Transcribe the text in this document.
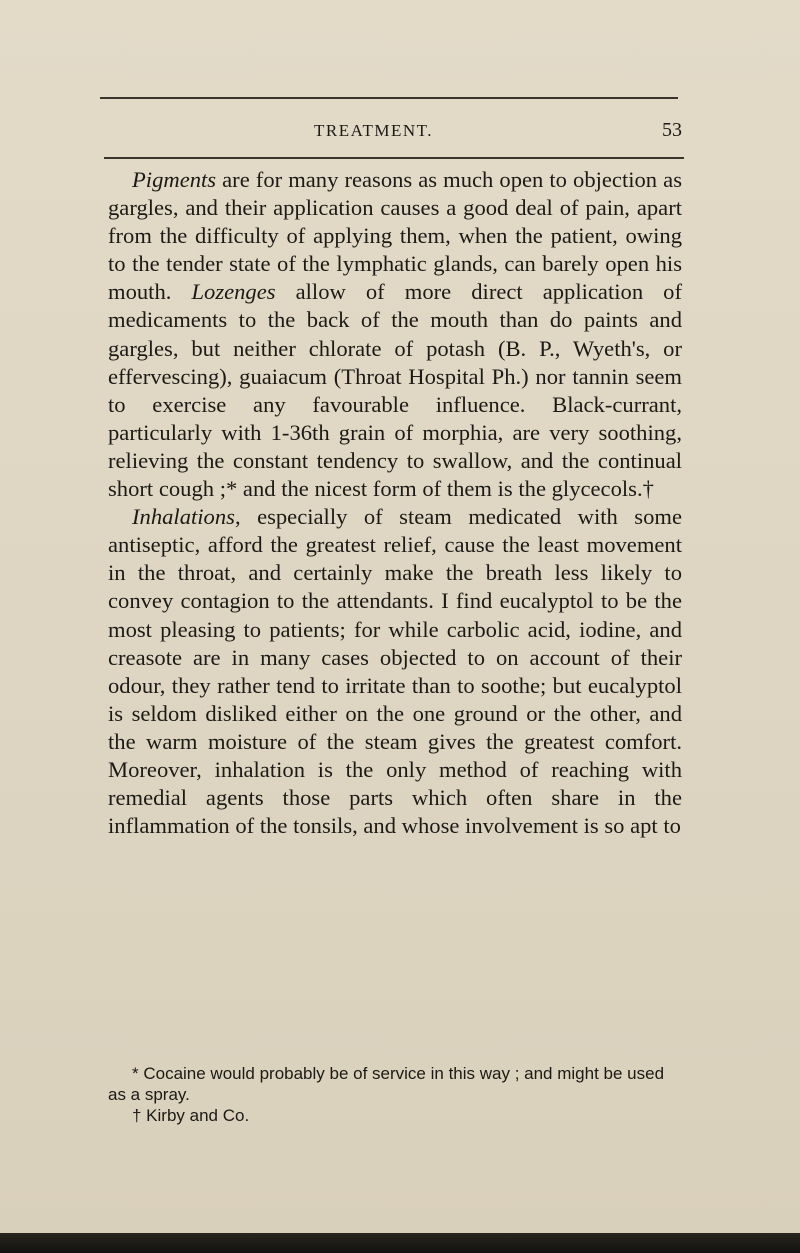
TREATMENT.	53

Pigments are for many reasons as much open to objection as gargles, and their application causes a good deal of pain, apart from the difficulty of applying them, when the patient, owing to the tender state of the lymphatic glands, can barely open his mouth. Lozenges allow of more direct application of medicaments to the back of the mouth than do paints and gargles, but neither chlorate of potash (B. P., Wyeth's, or effervescing), guaiacum (Throat Hospital Ph.) nor tannin seem to exercise any favourable influence. Black-currant, particularly with 1-36th grain of morphia, are very soothing, relieving the constant tendency to swallow, and the continual short cough ;* and the nicest form of them is the glycecols.†

Inhalations, especially of steam medicated with some antiseptic, afford the greatest relief, cause the least movement in the throat, and certainly make the breath less likely to convey contagion to the attendants. I find eucalyptol to be the most pleasing to patients; for while carbolic acid, iodine, and creasote are in many cases objected to on account of their odour, they rather tend to irritate than to soothe; but eucalyptol is seldom disliked either on the one ground or the other, and the warm moisture of the steam gives the greatest comfort. Moreover, inhalation is the only method of reaching with remedial agents those parts which often share in the inflammation of the tonsils, and whose involvement is so apt to

* Cocaine would probably be of service in this way ; and might be used as a spray.

† Kirby and Co.
